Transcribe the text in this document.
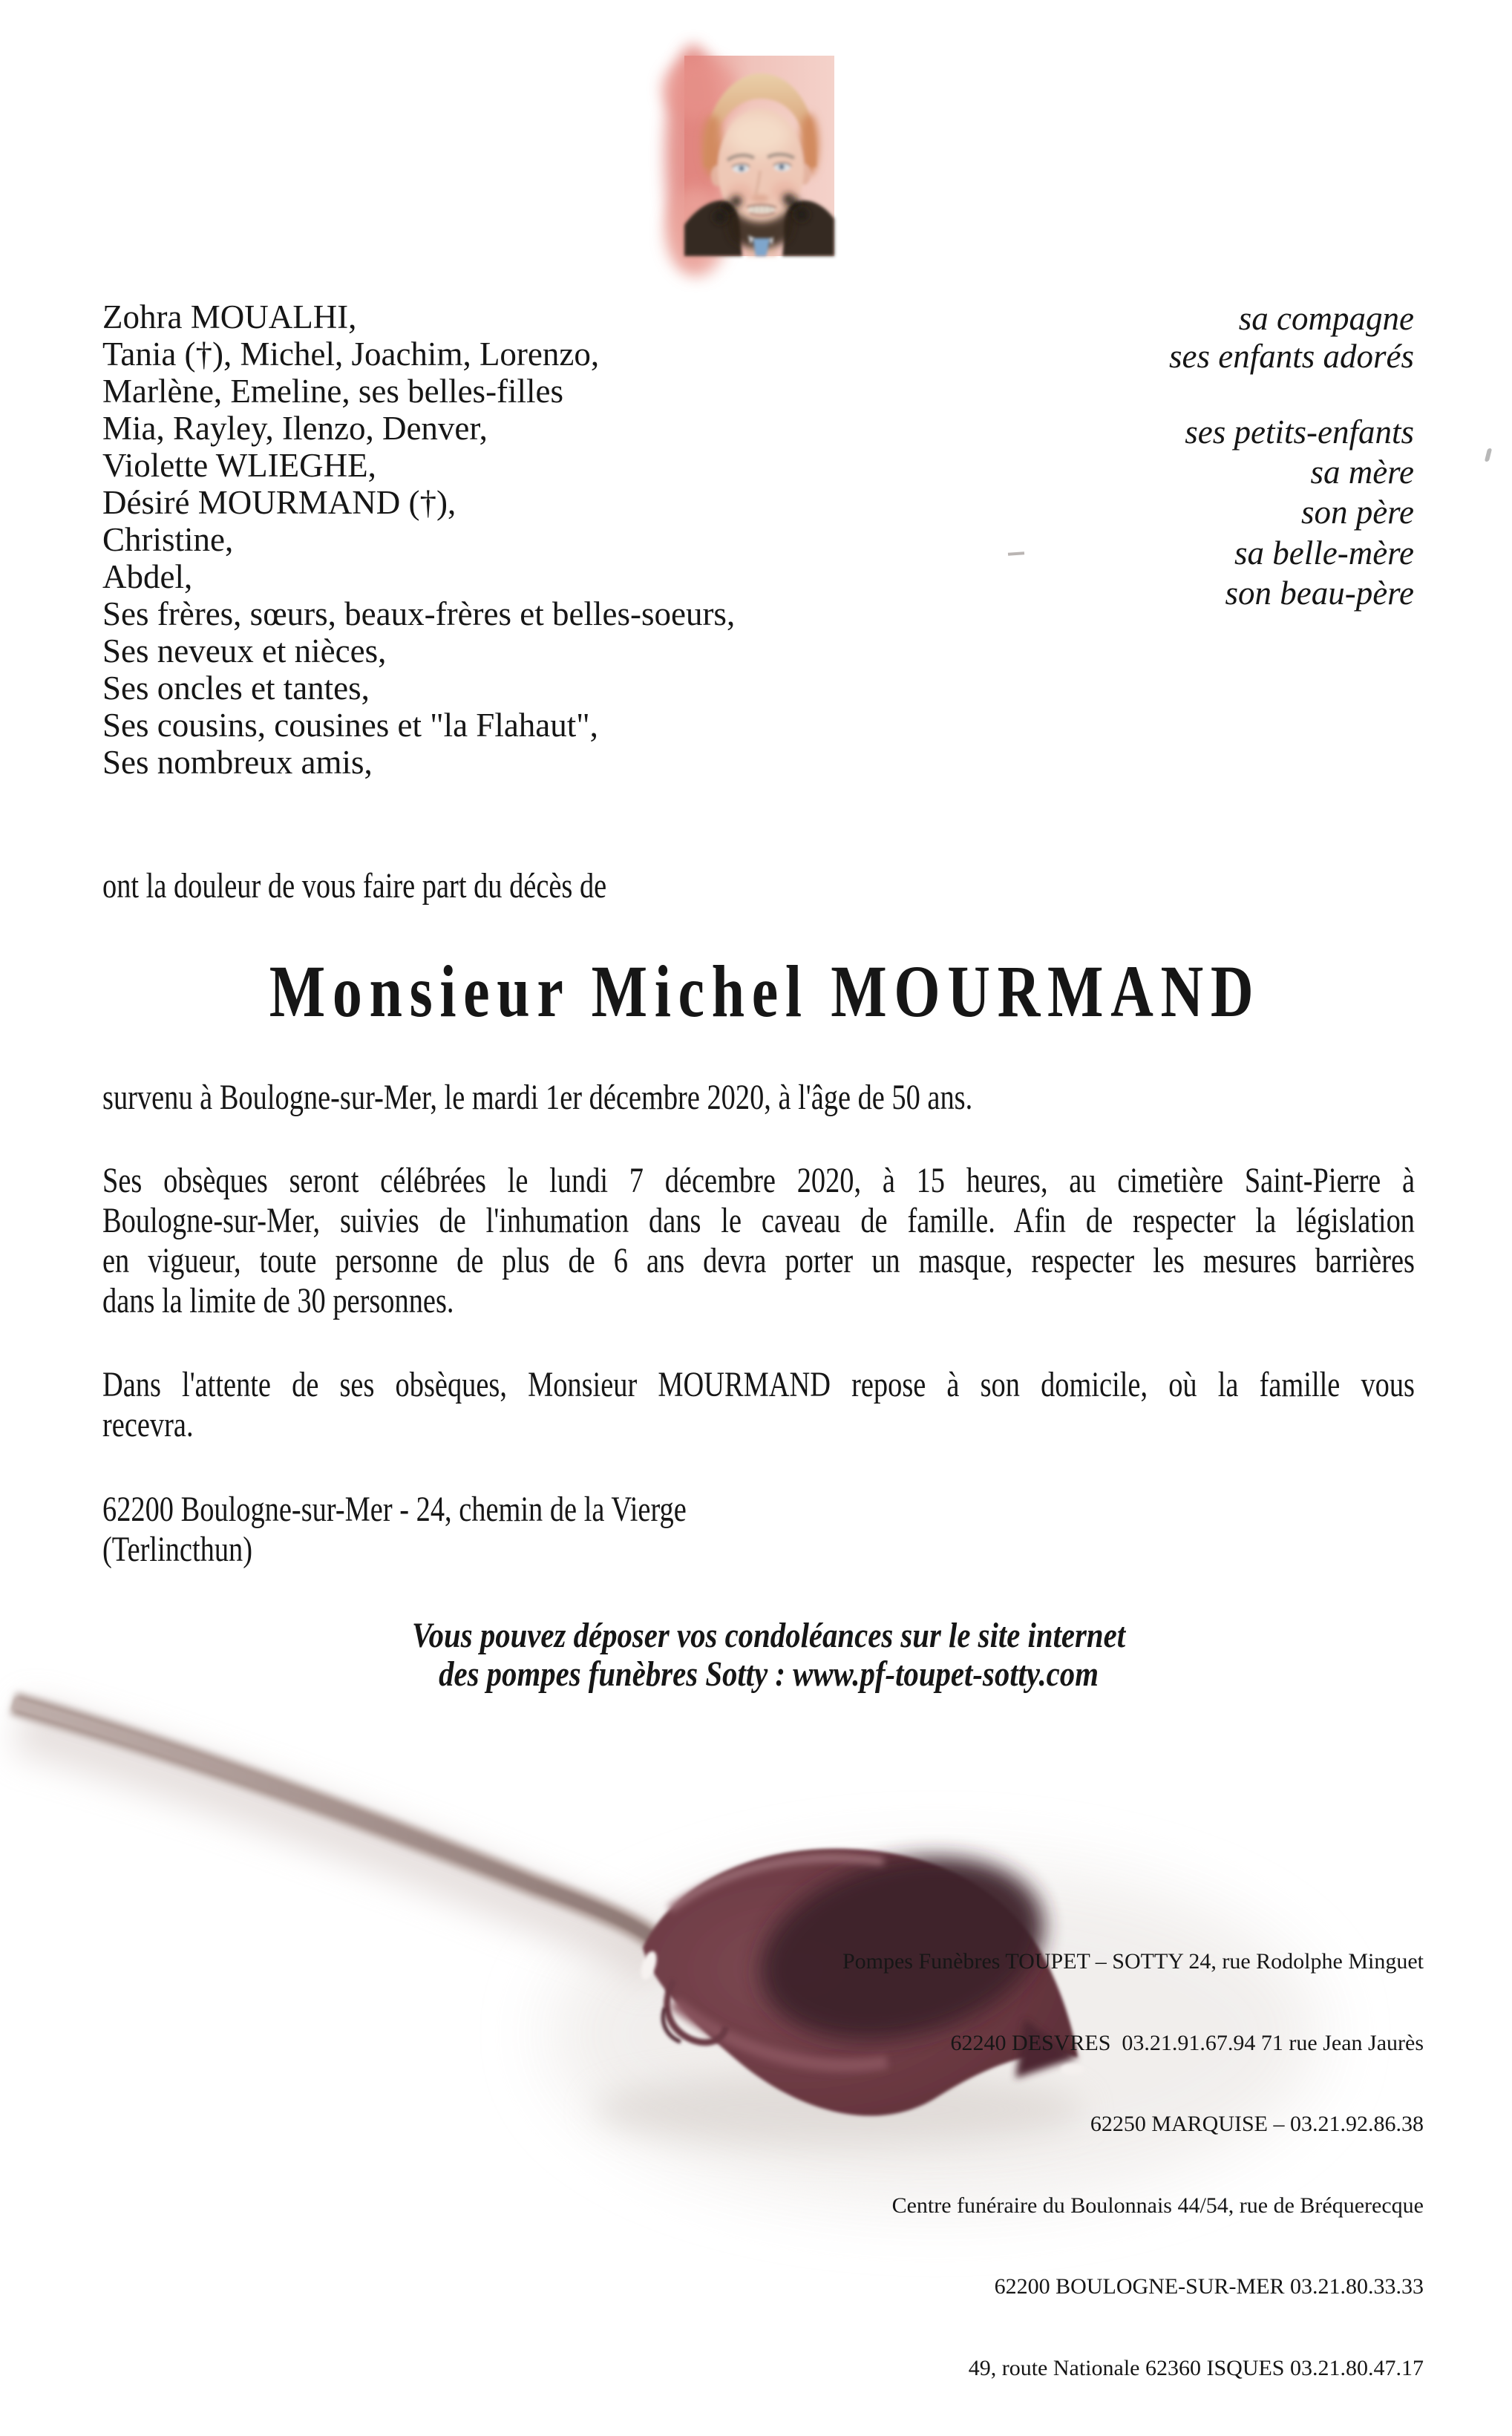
Zohra MOUALHI,
Tania (†), Michel, Joachim, Lorenzo,
Marlène, Emeline, ses belles-filles
Mia, Rayley, Ilenzo, Denver,
Violette WLIEGHE,
Désiré MOURMAND (†),
Christine,
Abdel,
Ses frères, sœurs, beaux-frères et belles-soeurs,
Ses neveux et nièces,
Ses oncles et tantes,
Ses cousins, cousines et "la Flahaut",
Ses nombreux amis,
sa compagne
ses enfants adorés
ses petits-enfants
sa mère
son père
sa belle-mère
son beau-père
ont la douleur de vous faire part du décès de
Monsieur Michel MOURMAND
survenu à Boulogne-sur-Mer, le mardi 1er décembre 2020, à l'âge de 50 ans.
Ses obsèques seront célébrées le lundi 7 décembre 2020, à 15 heures, au cimetière Saint-Pierre à
Boulogne-sur-Mer, suivies de l'inhumation dans le caveau de famille. Afin de respecter la législation
en vigueur, toute personne de plus de 6 ans devra porter un masque, respecter les mesures barrières
dans la limite de 30 personnes.
Dans l'attente de ses obsèques, Monsieur MOURMAND repose à son domicile, où la famille vous
recevra.
62200 Boulogne-sur-Mer - 24, chemin de la Vierge
(Terlincthun)
Vous pouvez déposer vos condoléances sur le site internet
des pompes funèbres Sotty : www.pf-toupet-sotty.com

Pompes Funèbres TOUPET – SOTTY 24, rue Rodolphe Minguet

62240 DESVRES  03.21.91.67.94 71 rue Jean Jaurès

62250 MARQUISE – 03.21.92.86.38

Centre funéraire du Boulonnais 44/54, rue de Bréquerecque

62200 BOULOGNE-SUR-MER 03.21.80.33.33

49, route Nationale 62360 ISQUES 03.21.80.47.17
